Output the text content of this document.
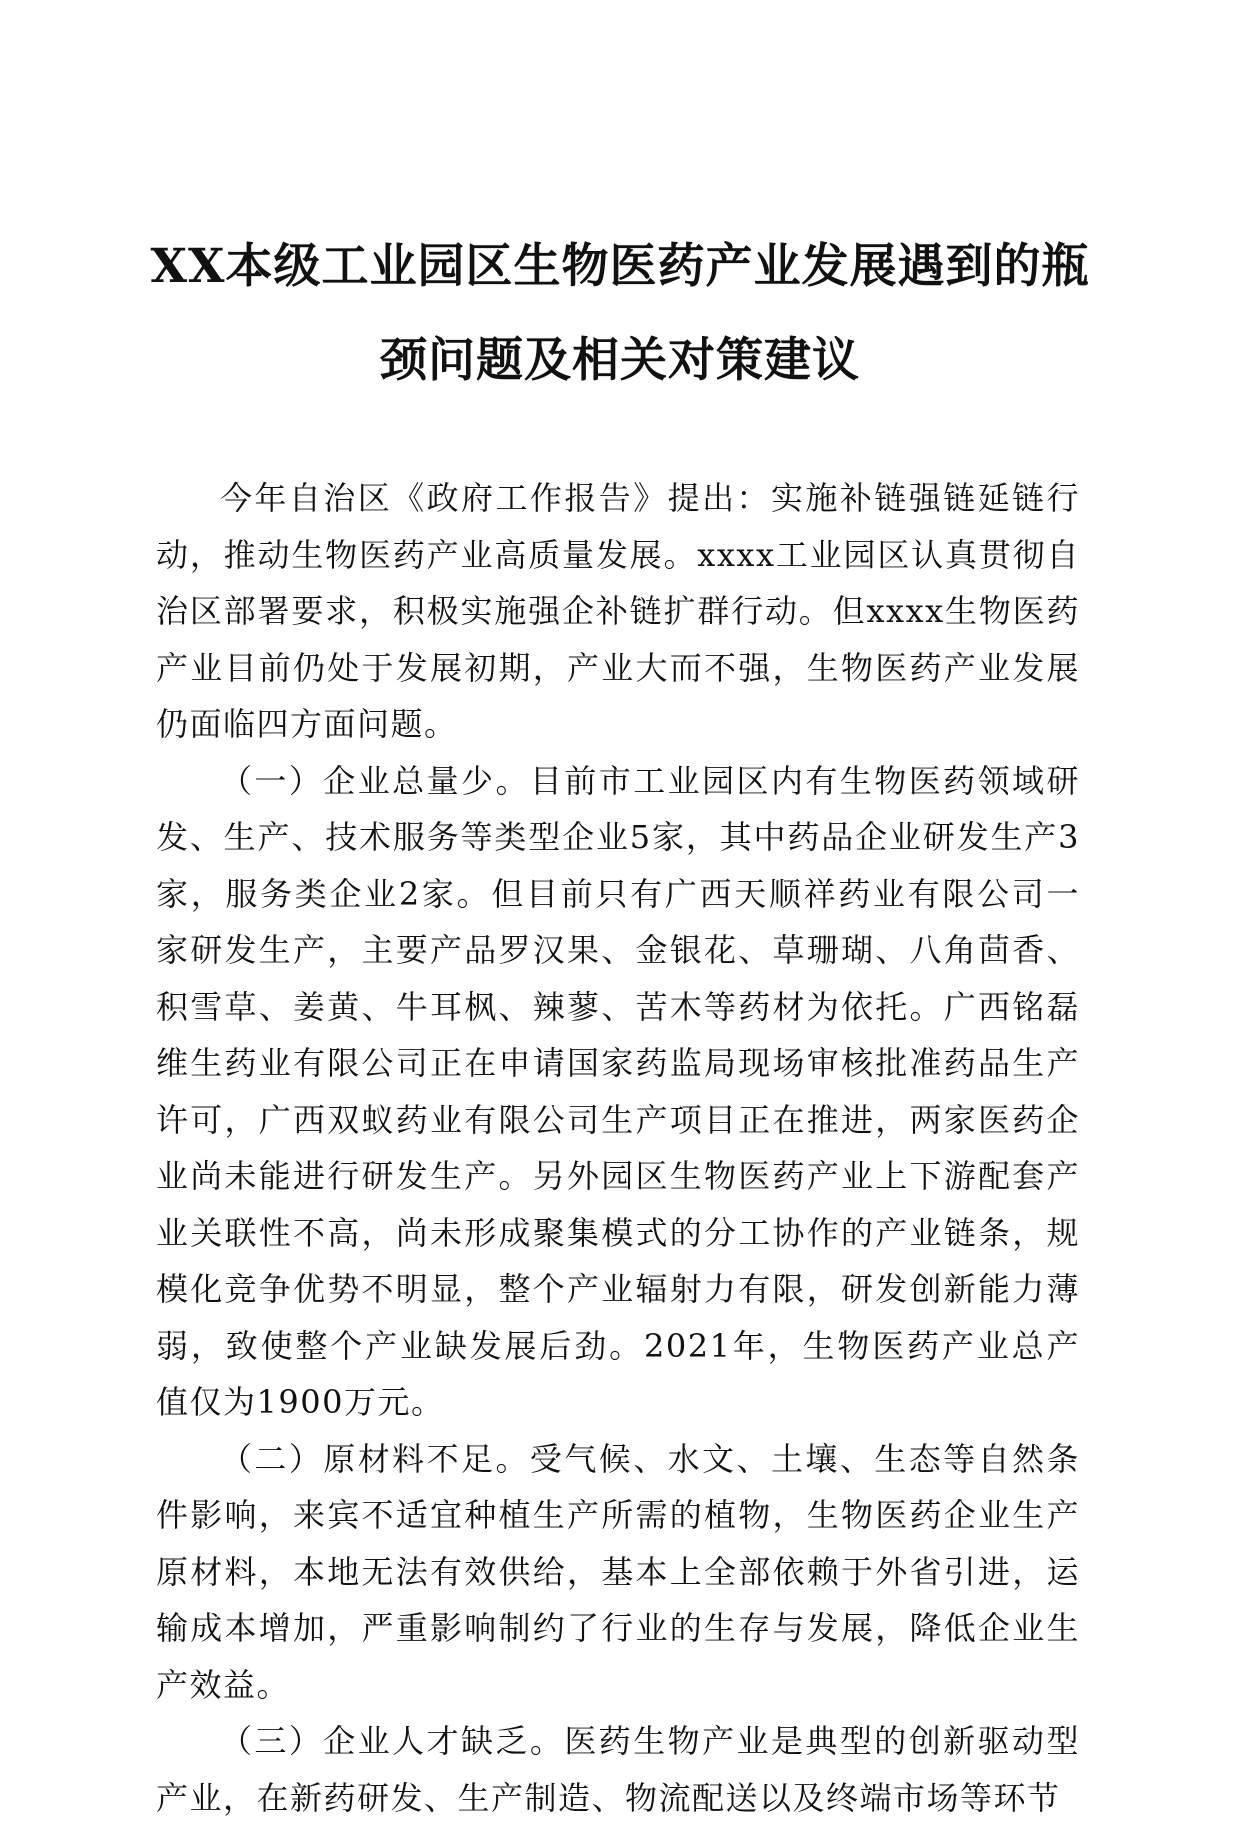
XX本级工业园区生物医药产业发展遇到的瓶
颈问题及相关对策建议

今年自治区《政府工作报告》提出：实施补链强链延链行动，推动生物医药产业高质量发展。xxxx工业园区认真贯彻自治区部署要求，积极实施强企补链扩群行动。但xxxx生物医药产业目前仍处于发展初期，产业大而不强，生物医药产业发展仍面临四方面问题。

（一）企业总量少。目前市工业园区内有生物医药领域研发、生产、技术服务等类型企业5家，其中药品企业研发生产3家，服务类企业2家。但目前只有广西天顺祥药业有限公司一家研发生产，主要产品罗汉果、金银花、草珊瑚、八角茴香、积雪草、姜黄、牛耳枫、辣蓼、苦木等药材为依托。广西铭磊维生药业有限公司正在申请国家药监局现场审核批准药品生产许可，广西双蚁药业有限公司生产项目正在推进，两家医药企业尚未能进行研发生产。另外园区生物医药产业上下游配套产业关联性不高，尚未形成聚集模式的分工协作的产业链条，规模化竞争优势不明显，整个产业辐射力有限，研发创新能力薄弱，致使整个产业缺发展后劲。2021年，生物医药产业总产值仅为1900万元。

（二）原材料不足。受气候、水文、土壤、生态等自然条件影响，来宾不适宜种植生产所需的植物，生物医药企业生产原材料，本地无法有效供给，基本上全部依赖于外省引进，运输成本增加，严重影响制约了行业的生存与发展，降低企业生产效益。

（三）企业人才缺乏。医药生物产业是典型的创新驱动型产业，在新药研发、生产制造、物流配送以及终端市场等环节
